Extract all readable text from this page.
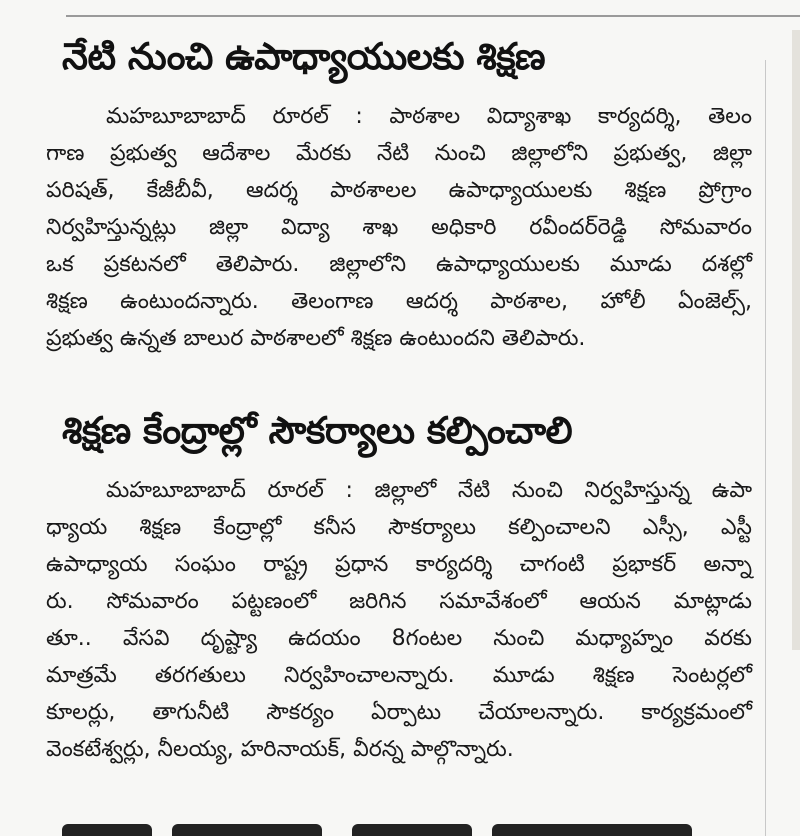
నేటి నుంచి ఉపాధ్యాయులకు శిక్షణ
మహబూబాబాద్ రూరల్ : పాఠశాల విద్యాశాఖ కార్యదర్శి, తెలం
గాణ ప్రభుత్వ ఆదేశాల మేరకు నేటి నుంచి జిల్లాలోని ప్రభుత్వ, జిల్లా
పరిషత్, కేజీబీవీ, ఆదర్శ పాఠశాలల ఉపాధ్యాయులకు శిక్షణ ప్రోగ్రాం
నిర్వహిస్తున్నట్లు జిల్లా విద్యా శాఖ అధికారి రవీందర్‌రెడ్డి సోమవారం
ఒక ప్రకటనలో తెలిపారు. జిల్లాలోని ఉపాధ్యాయులకు మూడు దశల్లో
శిక్షణ ఉంటుందన్నారు. తెలంగాణ ఆదర్శ పాఠశాల, హోలీ ఏంజెల్స్,
ప్రభుత్వ ఉన్నత బాలుర పాఠశాలలో శిక్షణ ఉంటుందని తెలిపారు.
శిక్షణ కేంద్రాల్లో సౌకర్యాలు కల్పించాలి
మహబూబాబాద్ రూరల్ : జిల్లాలో నేటి నుంచి నిర్వహిస్తున్న ఉపా
ధ్యాయ శిక్షణ కేంద్రాల్లో కనీస సౌకర్యాలు కల్పించాలని ఎస్సీ, ఎస్టీ
ఉపాధ్యాయ సంఘం రాష్ట్ర ప్రధాన కార్యదర్శి చాగంటి ప్రభాకర్ అన్నా
రు. సోమవారం పట్టణంలో జరిగిన సమావేశంలో ఆయన మాట్లాడు
తూ.. వేసవి దృష్ట్యా ఉదయం 8గంటల నుంచి మధ్యాహ్నం వరకు
మాత్రమే తరగతులు నిర్వహించాలన్నారు. మూడు శిక్షణ సెంటర్లలో
కూలర్లు, తాగునీటి సౌకర్యం ఏర్పాటు చేయాలన్నారు. కార్యక్రమంలో
వెంకటేశ్వర్లు, నీలయ్య, హరినాయక్, వీరన్న పాల్గొన్నారు.
